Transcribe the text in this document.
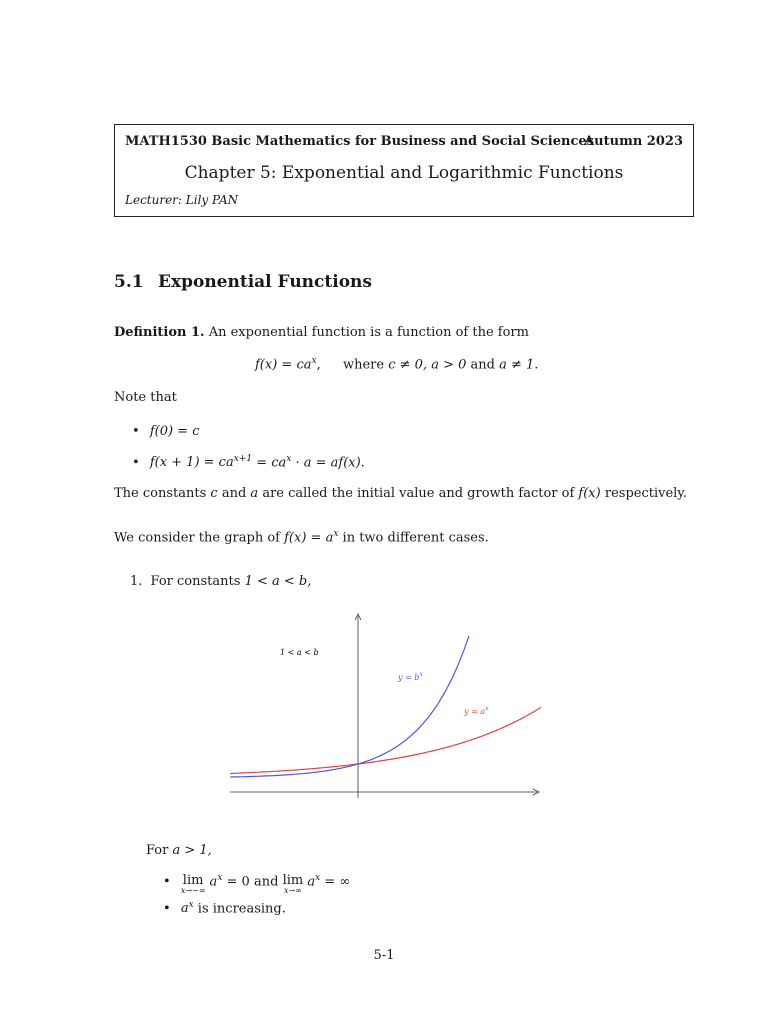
MATH1530 Basic Mathematics for Business and Social Sciences
Autumn 2023
Chapter 5: Exponential and Logarithmic Functions
Lecturer: Lily PAN
5.1 Exponential Functions
Definition 1. An exponential function is a function of the form
$f(x) = ca^x$, where c ≠ 0, a > 0 and a ≠ 1.
Note that
• f(0) = c
• $f(x + 1) = ca^{x+1} = ca^x \cdot a = af(x)$.
The constants c and a are called the initial value and growth factor of f(x) respectively.
We consider the graph of $f(x) = a^x$ in two different cases.
1. For constants 1 < a < b,
1 < a < b
$y = b^x$
$y = a^x$
For a > 1,
• lim
x→−∞
$a^x = 0$ and lim
x→∞
$a^x$ = ∞
• $a^x$ is increasing.
5-1
